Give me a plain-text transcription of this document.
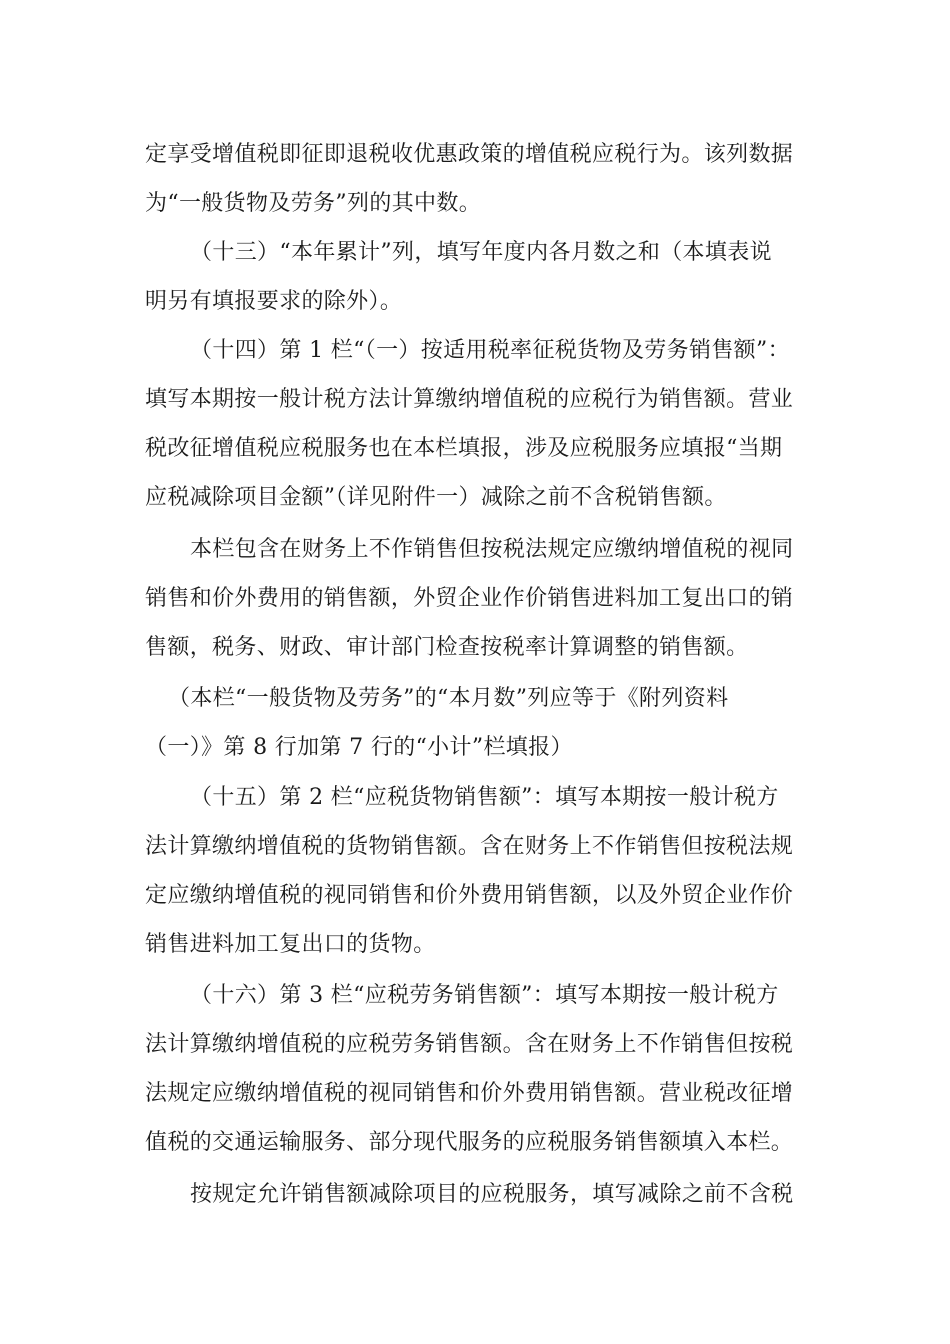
定享受增值税即征即退税收优惠政策的增值税应税行为。该列数据

为“一般货物及劳务”列的其中数。

（十三）“本年累计”列，填写年度内各月数之和（本填表说

明另有填报要求的除外）。

（十四）第 1 栏“（一）按适用税率征税货物及劳务销售额”：

填写本期按一般计税方法计算缴纳增值税的应税行为销售额。营业

税改征增值税应税服务也在本栏填报，涉及应税服务应填报“当期

应税减除项目金额”（详见附件一）减除之前不含税销售额。

本栏包含在财务上不作销售但按税法规定应缴纳增值税的视同

销售和价外费用的销售额，外贸企业作价销售进料加工复出口的销

售额，税务、财政、审计部门检查按税率计算调整的销售额。

（本栏“一般货物及劳务”的“本月数”列应等于《附列资料

（一）》第 8 行加第 7 行的“小计”栏填报）

（十五）第 2 栏“应税货物销售额”：填写本期按一般计税方

法计算缴纳增值税的货物销售额。含在财务上不作销售但按税法规

定应缴纳增值税的视同销售和价外费用销售额，以及外贸企业作价

销售进料加工复出口的货物。

（十六）第 3 栏“应税劳务销售额”：填写本期按一般计税方

法计算缴纳增值税的应税劳务销售额。含在财务上不作销售但按税

法规定应缴纳增值税的视同销售和价外费用销售额。营业税改征增

值税的交通运输服务、部分现代服务的应税服务销售额填入本栏。

按规定允许销售额减除项目的应税服务，填写减除之前不含税
